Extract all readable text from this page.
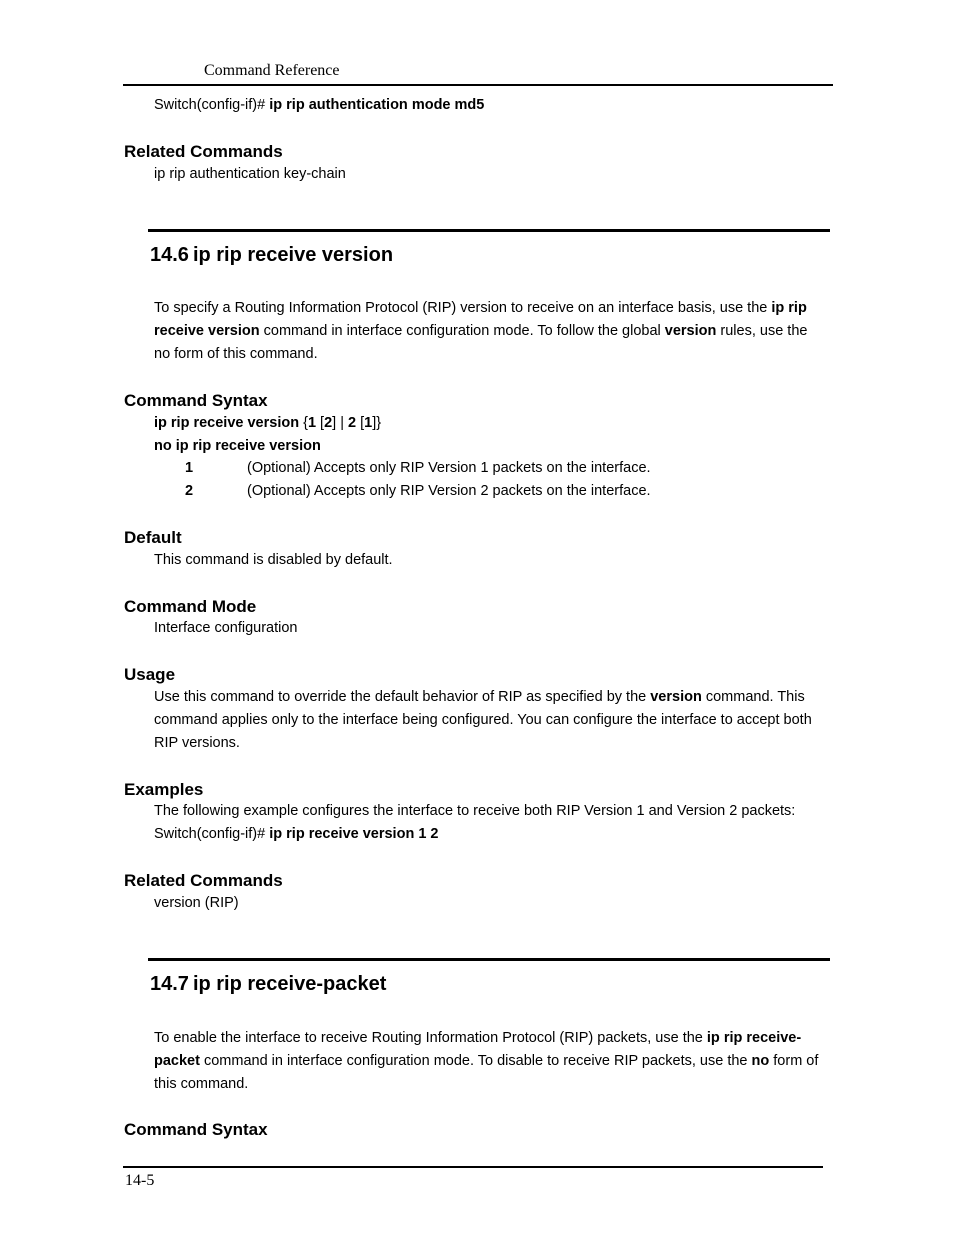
Command Reference
Switch(config-if)# ip rip authentication mode md5
Related Commands
ip rip authentication key-chain
14.6 ip rip receive version
To specify a Routing Information Protocol (RIP) version to receive on an interface basis, use the ip rip receive version command in interface configuration mode. To follow the global version rules, use the no form of this command.
Command Syntax
ip rip receive version {1 [2] | 2 [1]}
no ip rip receive version
1	(Optional) Accepts only RIP Version 1 packets on the interface.
2	(Optional) Accepts only RIP Version 2 packets on the interface.
Default
This command is disabled by default.
Command Mode
Interface configuration
Usage
Use this command to override the default behavior of RIP as specified by the version command. This command applies only to the interface being configured. You can configure the interface to accept both RIP versions.
Examples
The following example configures the interface to receive both RIP Version 1 and Version 2 packets:
Switch(config-if)# ip rip receive version 1 2
Related Commands
version (RIP)
14.7 ip rip receive-packet
To enable the interface to receive Routing Information Protocol (RIP) packets, use the ip rip receive-packet command in interface configuration mode. To disable to receive RIP packets, use the no form of this command.
Command Syntax
14-5
